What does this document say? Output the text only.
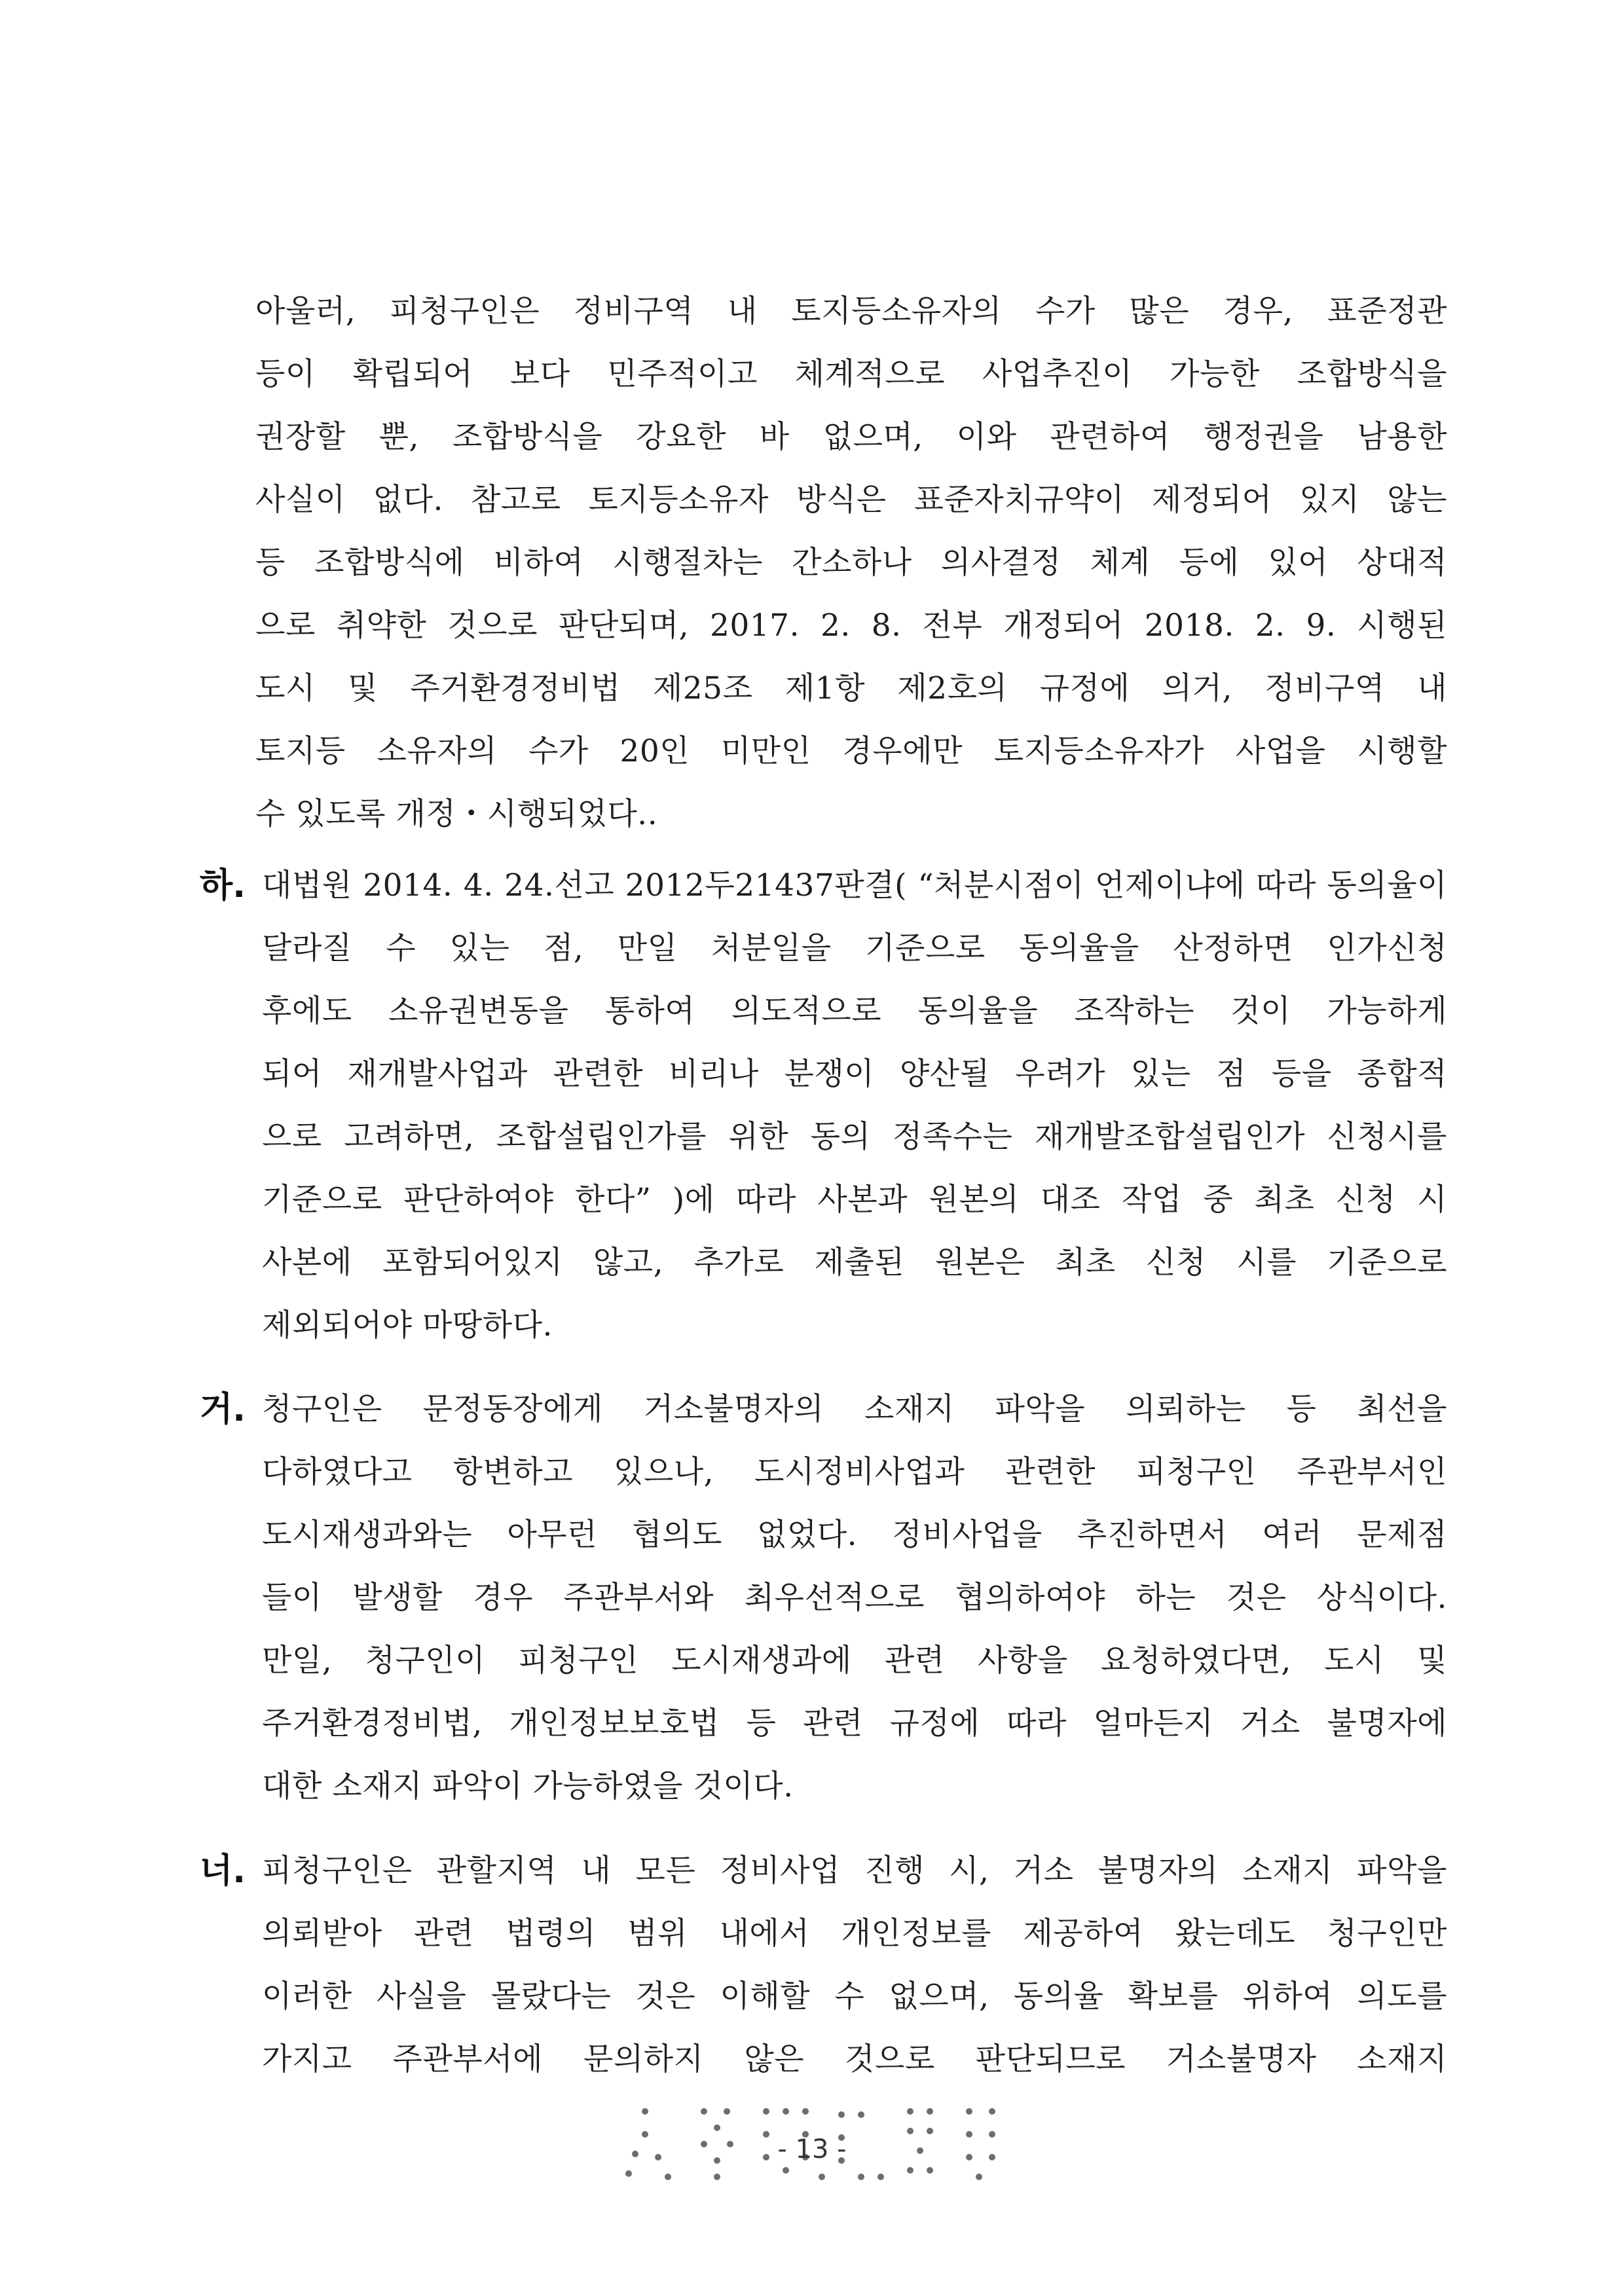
아울러, 피청구인은 정비구역 내 토지등소유자의 수가 많은 경우, 표준정관
등이 확립되어 보다 민주적이고 체계적으로 사업추진이 가능한 조합방식을
권장할 뿐, 조합방식을 강요한 바 없으며, 이와 관련하여 행정권을 남용한
사실이 없다. 참고로 토지등소유자 방식은 표준자치규약이 제정되어 있지 않는
등 조합방식에 비하여 시행절차는 간소하나 의사결정 체계 등에 있어 상대적
으로 취약한 것으로 판단되며, 2017. 2. 8. 전부 개정되어 2018. 2. 9. 시행된
도시 및 주거환경정비법 제25조 제1항 제2호의 규정에 의거, 정비구역 내
토지등 소유자의 수가 20인 미만인 경우에만 토지등소유자가 사업을 시행할
수 있도록 개정・시행되었다..
하. 대법원 2014. 4. 24.선고 2012두21437판결( “처분시점이 언제이냐에 따라 동의율이
달라질 수 있는 점, 만일 처분일을 기준으로 동의율을 산정하면 인가신청
후에도 소유권변동을 통하여 의도적으로 동의율을 조작하는 것이 가능하게
되어 재개발사업과 관련한 비리나 분쟁이 양산될 우려가 있는 점 등을 종합적
으로 고려하면, 조합설립인가를 위한 동의 정족수는 재개발조합설립인가 신청시를
기준으로 판단하여야 한다” )에 따라 사본과 원본의 대조 작업 중 최초 신청 시
사본에 포함되어있지 않고, 추가로 제출된 원본은 최초 신청 시를 기준으로
제외되어야 마땅하다.
거. 청구인은 문정동장에게 거소불명자의 소재지 파악을 의뢰하는 등 최선을
다하였다고 항변하고 있으나, 도시정비사업과 관련한 피청구인 주관부서인
도시재생과와는 아무런 협의도 없었다. 정비사업을 추진하면서 여러 문제점
들이 발생할 경우 주관부서와 최우선적으로 협의하여야 하는 것은 상식이다.
만일, 청구인이 피청구인 도시재생과에 관련 사항을 요청하였다면, 도시 및
주거환경정비법, 개인정보보호법 등 관련 규정에 따라 얼마든지 거소 불명자에
대한 소재지 파악이 가능하였을 것이다.
너. 피청구인은 관할지역 내 모든 정비사업 진행 시, 거소 불명자의 소재지 파악을
의뢰받아 관련 법령의 범위 내에서 개인정보를 제공하여 왔는데도 청구인만
이러한 사실을 몰랐다는 것은 이해할 수 없으며, 동의율 확보를 위하여 의도를
가지고 주관부서에 문의하지 않은 것으로 판단되므로 거소불명자 소재지
- 13 -
